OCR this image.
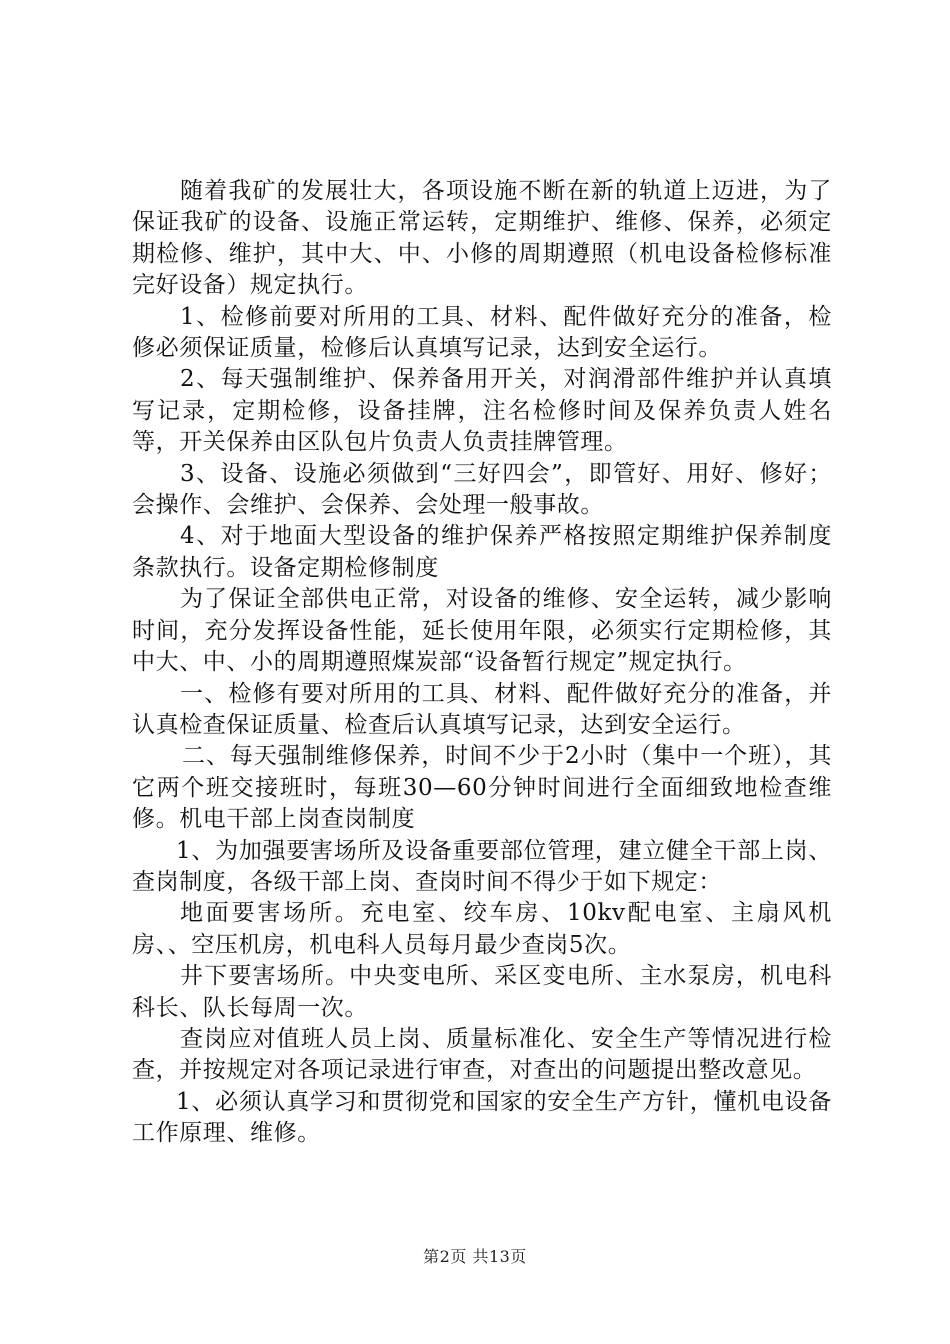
随着我矿的发展壮大，各项设施不断在新的轨道上迈进，为了保证我矿的设备、设施正常运转，定期维护、维修、保养，必须定期检修、维护，其中大、中、小修的周期遵照（机电设备检修标准完好设备）规定执行。

1、检修前要对所用的工具、材料、配件做好充分的准备，检修必须保证质量，检修后认真填写记录，达到安全运行。

2、每天强制维护、保养备用开关，对润滑部件维护并认真填写记录，定期检修，设备挂牌，注名检修时间及保养负责人姓名等，开关保养由区队包片负责人负责挂牌管理。

3、设备、设施必须做到“三好四会”，即管好、用好、修好；会操作、会维护、会保养、会处理一般事故。

4、对于地面大型设备的维护保养严格按照定期维护保养制度条款执行。设备定期检修制度

为了保证全部供电正常，对设备的维修、安全运转，减少影响时间，充分发挥设备性能，延长使用年限，必须实行定期检修，其中大、中、小的周期遵照煤炭部“设备暂行规定”规定执行。

一、检修有要对所用的工具、材料、配件做好充分的准备，并认真检查保证质量、检查后认真填写记录，达到安全运行。

二、每天强制维修保养，时间不少于2小时（集中一个班），其它两个班交接班时，每班30—60分钟时间进行全面细致地检查维修。机电干部上岗查岗制度

1、为加强要害场所及设备重要部位管理，建立健全干部上岗、查岗制度，各级干部上岗、查岗时间不得少于如下规定：

地面要害场所。充电室、绞车房、10kv配电室、主扇风机房、、空压机房，机电科人员每月最少查岗5次。

井下要害场所。中央变电所、采区变电所、主水泵房，机电科科长、队长每周一次。

查岗应对值班人员上岗、质量标准化、安全生产等情况进行检查，并按规定对各项记录进行审查，对查出的问题提出整改意见。

1、必须认真学习和贯彻党和国家的安全生产方针，懂机电设备工作原理、维修。

第2页 共13页
